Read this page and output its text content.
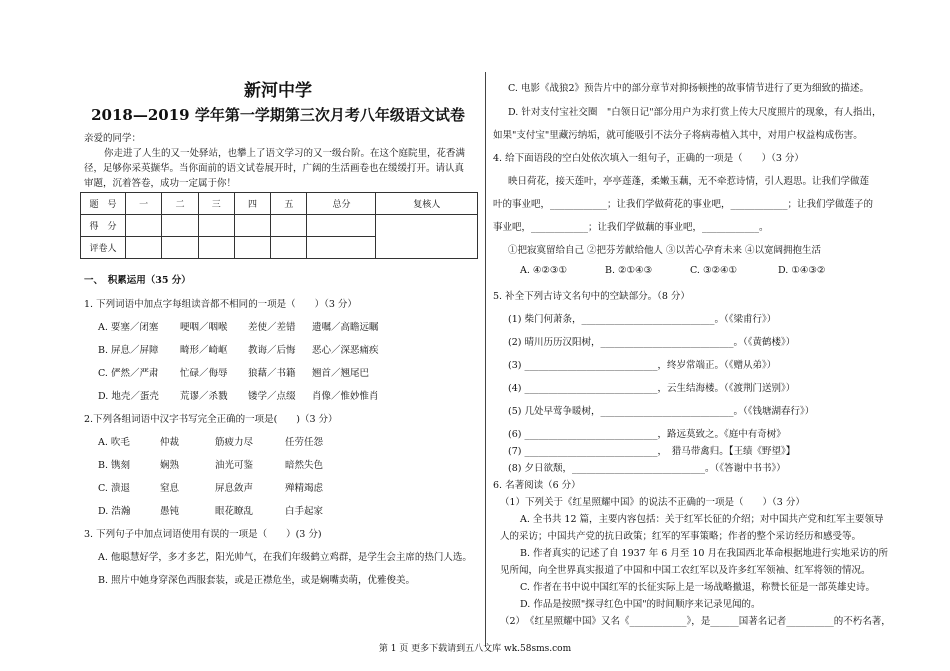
新河中学
2018—2019 学年第一学期第三次月考八年级语文试卷
亲爱的同学：
你走进了人生的又一处驿站，也攀上了语文学习的又一级台阶。在这个庭院里，花香满
径，足够你采英撷华。当你面前的语文试卷展开时，广阔的生活画卷也在缓缓打开。请认真
审题，沉着答卷，成功一定属于你！
题　号	一	二	三	四	五	总分	复核人
得　分							
评卷人							
一、　积累运用（35 分）
1. 下列词语中加点字每组读音都不相同的一项是（　　）（3 分）
A. 要塞／闭塞 哽咽／咽喉 差使／差错 遗嘱／高瞻远瞩
B. 屏息／屏障 畸形／崎岖 教诲／后悔 恶心／深恶痛疾
C. 俨然／严肃 忙碌／侮辱 狼藉／书籍 翘首／翘尾巴
D. 地壳／蛋壳 荒谬／杀戮 镂学／点缀 肖像／惟妙惟肖
2.下列各组词语中汉字书写完全正确的一项是(　　)（3 分）
A. 吹毛	仲裁	筋疲力尽	任劳任怨
B. 镌刻	娴熟	油光可鉴	暗然失色
C. 溃退	窒息	屏息敛声	殚精竭虑
D. 浩瀚	愚钝	眼花瞭乱	白手起家
3. 下列句子中加点词语使用有误的一项是（　　）(3 分)
A. 他聪慧好学，多才多艺，阳光帅气，在我们年级鹤立鸡群，是学生会主席的热门人选。
B. 照片中她身穿深色西服套装，或是正襟危坐，或是娴嘴卖萌，优雅俊美。
C. 电影《战狼2》预告片中的部分章节对抑扬顿挫的故事情节进行了更为细致的描述。
D. 针对支付宝社交圈　"白领日记"部分用户为求打赏上传大尺度照片的现象，有人指出，
如果"支付宝"里藏污纳垢，就可能吸引不法分子将病毒植入其中，对用户权益构成伤害。
4. 给下面语段的空白处依次填入一组句子，正确的一项是（　　）（3 分）
映日荷花，接天莲叶，亭亭莲蓬，柔嫩玉藕，无不牵惹诗情，引人遐思。让我们学做莲
叶的事业吧，____________；让我们学做荷花的事业吧，____________；让我们学做莲子的
事业吧，____________；让我们学做藕的事业吧，____________。
①把寂寞留给自己 ②把芬芳献给他人 ③以苦心孕育未来 ④以宽阔拥抱生活
A. ④②③①	B. ②①④③	C. ③②④①	D. ①④③②
5. 补全下列古诗文名句中的空缺部分。（8 分）
(1) 柴门何萧条，____________________________。（《梁甫行》）
(2) 晴川历历汉阳树，____________________________。（《黄鹤楼》）
(3) ____________________________，终岁常端正。（《赠从弟》）
(4) ____________________________，云生结海楼。（《渡荆门送别》）
(5) 几处早莺争暖树，____________________________。（《钱塘湖春行》）
(6) ____________________________，路远莫致之。《庭中有奇树》
(7) ____________________________，　猎马带禽归。【王绩《野望》】
(8) 夕日欲颓，____________________________。（《答谢中书书》）
6. 名著阅读（6 分）
（1）下列关于《红星照耀中国》的说法不正确的一项是（　　）（3 分）
A. 全书共 12 篇，主要内容包括：关于红军长征的介绍；对中国共产党和红军主要领导
人的采访；中国共产党的抗日政策；红军的军事策略；作者的整个采访经历和感受等。
B. 作者真实的记述了自 1937 年 6 月至 10 月在我国西北革命根据地进行实地采访的所
见所闻，向全世界真实报道了中国和中国工农红军以及许多红军领袖、红军将领的情况。
C. 作者在书中说中国红军的长征实际上是一场战略撤退，称赞长征是一部英雄史诗。
D. 作品是按照"探寻红色中国"的时间顺序来记录见闻的。
（2）　《红星照耀中国》又名《____________》，是______国著名记者__________的不朽名著，
第 1 页 更多下载请到五八文库 wk.58sms.com
